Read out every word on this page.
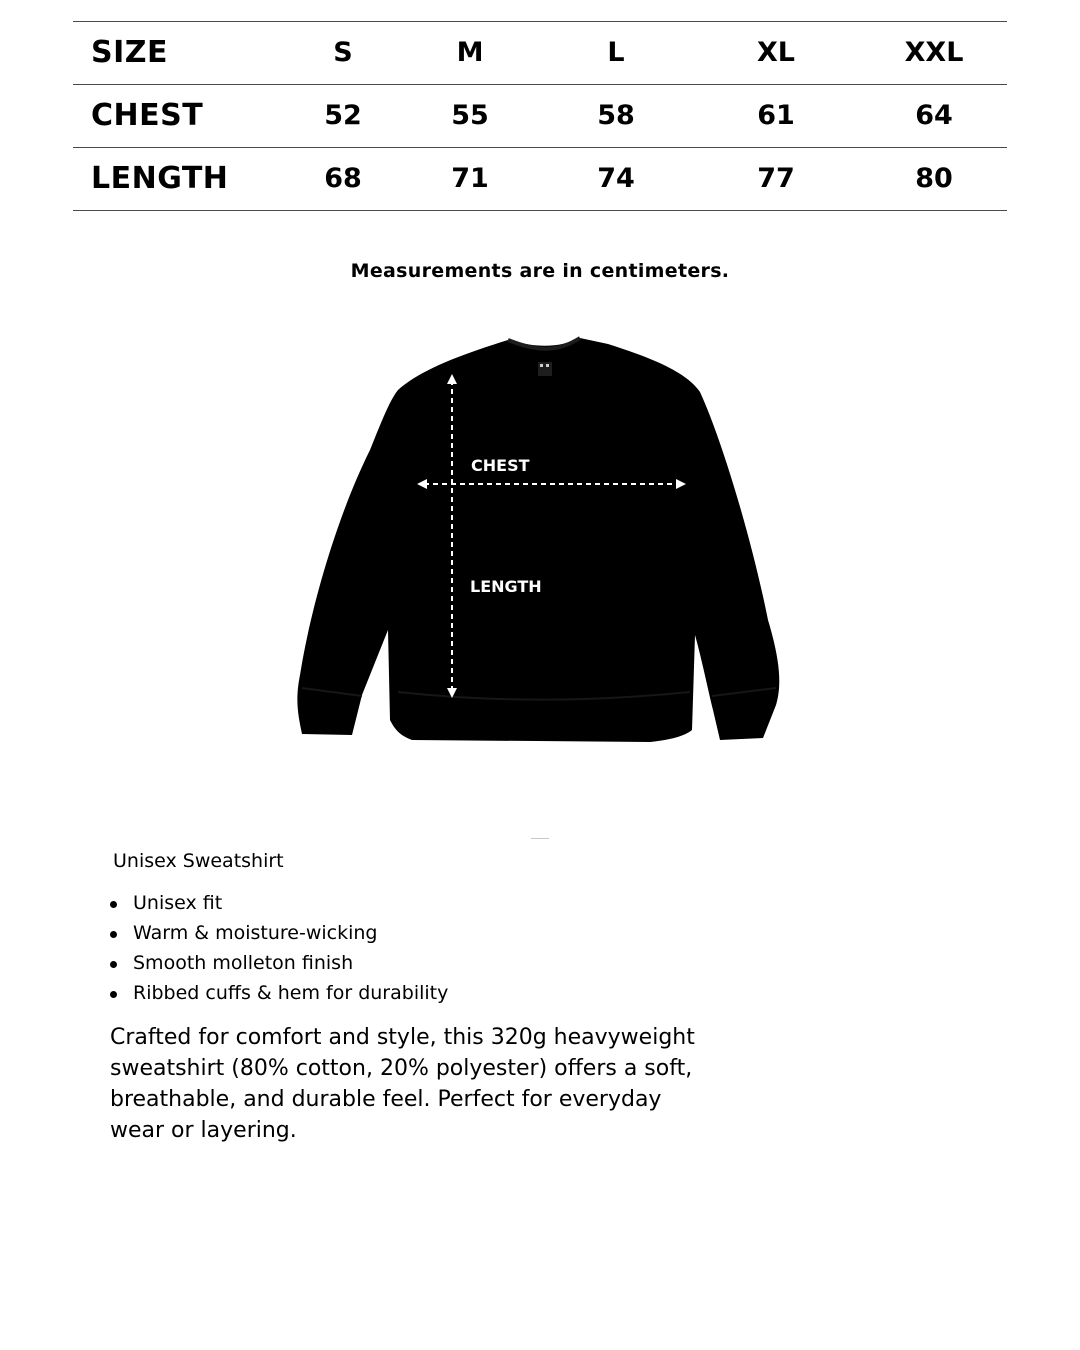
SIZE	S	M	L	XL	XXL
CHEST	52	55	58	61	64
LENGTH	68	71	74	77	80
Measurements are in centimeters.
CHEST
LENGTH
Unisex Sweatshirt
Unisex fit
Warm & moisture-wicking
Smooth molleton finish
Ribbed cuffs & hem for durability

Crafted for comfort and style, this 320g heavyweight sweatshirt (80% cotton, 20% polyester) offers a soft, breathable, and durable feel. Perfect for everyday wear or layering.
